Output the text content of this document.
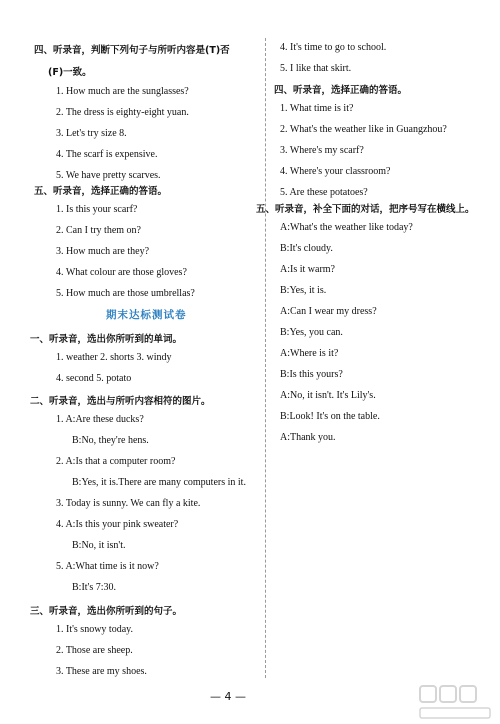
四、听录音，判断下列句子与所听内容是(T)否
(F)一致。
1. How much are the sunglasses?
2. The dress is eighty-eight yuan.
3. Let's try size 8.
4. The scarf is expensive.
5. We have pretty scarves.
五、听录音，选择正确的答语。
1. Is this your scarf?
2. Can I try them on?
3. How much are they?
4. What colour are those gloves?
5. How much are those umbrellas?
期末达标测试卷
一、听录音，选出你所听到的单词。
1. weather 2. shorts 3. windy
4. second 5. potato
二、听录音，选出与所听内容相符的图片。
1. A:Are these ducks?
B:No, they're hens.
2. A:Is that a computer room?
B:Yes, it is.There are many computers in it.
3. Today is sunny. We can fly a kite.
4. A:Is this your pink sweater?
B:No, it isn't.
5. A:What time is it now?
B:It's 7:30.
三、听录音，选出你所听到的句子。
1. It's snowy today.
2. Those are sheep.
3. These are my shoes.
4. It's time to go to school.
5. I like that skirt.
四、听录音，选择正确的答语。
1. What time is it?
2. What's the weather like in Guangzhou?
3. Where's my scarf?
4. Where's your classroom?
5. Are these potatoes?
五、听录音，补全下面的对话，把序号写在横线上。
A:What's the weather like today?
B:It's cloudy.
A:Is it warm?
B:Yes, it is.
A:Can I wear my dress?
B:Yes, you can.
A:Where is it?
B:Is this yours?
A:No, it isn't. It's Lily's.
B:Look! It's on the table.
A:Thank you.
— 4 —
